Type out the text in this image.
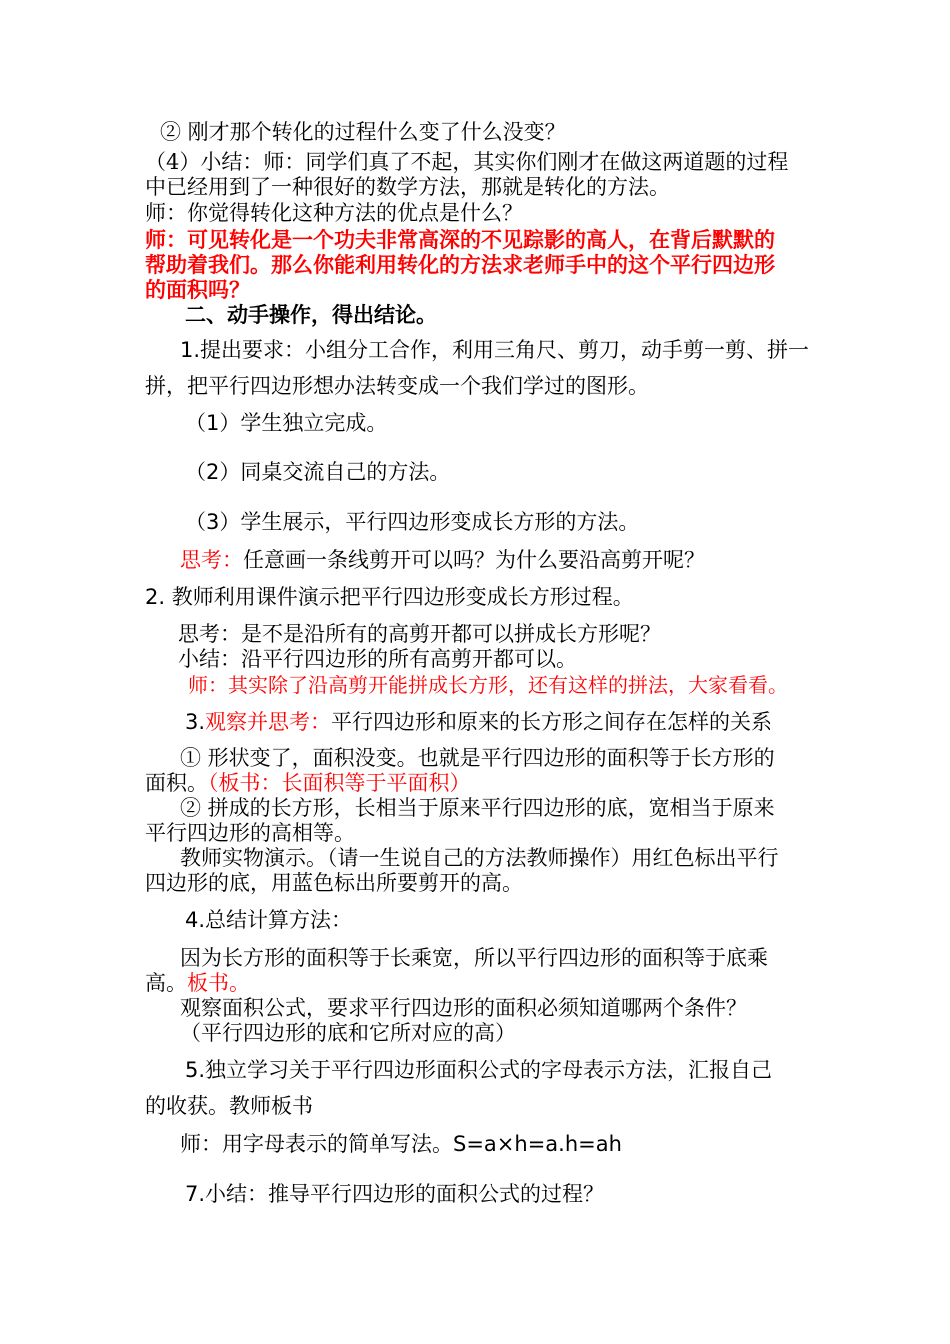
② 刚才那个转化的过程什么变了什么没变？
（4）小结：师：同学们真了不起，其实你们刚才在做这两道题的过程
中已经用到了一种很好的数学方法，那就是转化的方法。
师：你觉得转化这种方法的优点是什么？
师：可见转化是一个功夫非常高深的不见踪影的高人，在背后默默的
帮助着我们。那么你能利用转化的方法求老师手中的这个平行四边形
的面积吗？
二、动手操作，得出结论。
1.提出要求：小组分工合作，利用三角尺、剪刀，动手剪一剪、拼一
拼，把平行四边形想办法转变成一个我们学过的图形。
（1）学生独立完成。
（2）同桌交流自己的方法。
（3）学生展示，平行四边形变成长方形的方法。
思考：任意画一条线剪开可以吗？为什么要沿高剪开呢？
2. 教师利用课件演示把平行四边形变成长方形过程。
思考：是不是沿所有的高剪开都可以拼成长方形呢？
小结：沿平行四边形的所有高剪开都可以。
师：其实除了沿高剪开能拼成长方形，还有这样的拼法，大家看看。
3.观察并思考：平行四边形和原来的长方形之间存在怎样的关系
① 形状变了，面积没变。也就是平行四边形的面积等于长方形的
面积。（板书：长面积等于平面积）
② 拼成的长方形，长相当于原来平行四边形的底，宽相当于原来
平行四边形的高相等。
教师实物演示。（请一生说自己的方法教师操作）用红色标出平行
四边形的底，用蓝色标出所要剪开的高。
4.总结计算方法：
因为长方形的面积等于长乘宽，所以平行四边形的面积等于底乘
高。板书。
观察面积公式，要求平行四边形的面积必须知道哪两个条件？
（平行四边形的底和它所对应的高）
5.独立学习关于平行四边形面积公式的字母表示方法，汇报自己
的收获。教师板书
师：用字母表示的简单写法。S=a×h=a.h=ah
7.小结：推导平行四边形的面积公式的过程？
